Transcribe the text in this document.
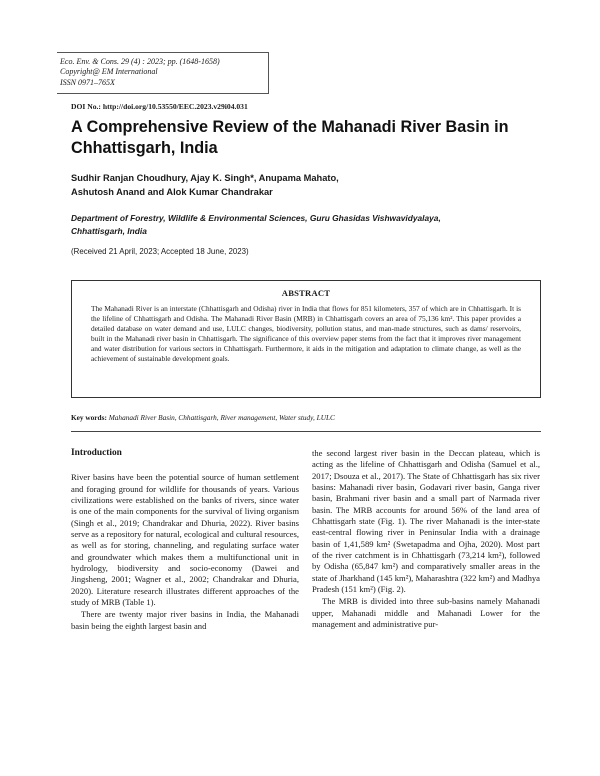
Eco. Env. & Cons. 29 (4) : 2023; pp. (1648-1658)
Copyright@ EM International
ISSN 0971–765X
DOI No.: http://doi.org/10.53550/EEC.2023.v29i04.031
A Comprehensive Review of the Mahanadi River Basin in Chhattisgarh, India
Sudhir Ranjan Choudhury, Ajay K. Singh*, Anupama Mahato,
Ashutosh Anand and Alok Kumar Chandrakar
Department of Forestry, Wildlife & Environmental Sciences, Guru Ghasidas Vishwavidyalaya,
Chhattisgarh, India
(Received 21 April, 2023; Accepted 18 June, 2023)
ABSTRACT
The Mahanadi River is an interstate (Chhattisgarh and Odisha) river in India that flows for 851 kilometers, 357 of which are in Chhattisgarh. It is the lifeline of Chhattisgarh and Odisha. The Mahanadi River Basin (MRB) in Chhattisgarh covers an area of 75,136 km². This paper provides a detailed database on water demand and use, LULC changes, biodiversity, pollution status, and man-made structures, such as dams/ reservoirs, built in the Mahanadi river basin in Chhattisgarh. The significance of this overview paper stems from the fact that it improves river management and water distribution for various sectors in Chhattisgarh. Furthermore, it aids in the mitigation and adaptation to climate change, as well as the achievement of sustainable development goals.
Key words: Mahanadi River Basin, Chhattisgarh, River management, Water study, LULC
Introduction

River basins have been the potential source of human settlement and foraging ground for wildlife for thousands of years. Various civilizations were established on the banks of rivers, since water is one of the main components for the survival of living organism (Singh et al., 2019; Chandrakar and Dhuria, 2022). River basins serve as a repository for natural, ecological and cultural resources, as well as for storing, channeling, and regulating surface water and groundwater which makes them a multifunctional unit in hydrology, biodiversity and socio-economy (Dawei and Jingsheng, 2001; Wagner et al., 2002; Chandrakar and Dhuria, 2020). Literature research illustrates different approaches of the study of MRB (Table 1).

There are twenty major river basins in India, the Mahanadi basin being the eighth largest basin and

the second largest river basin in the Deccan plateau, which is acting as the lifeline of Chhattisgarh and Odisha (Samuel et al., 2017; Dsouza et al., 2017). The State of Chhattisgarh has six river basins: Mahanadi river basin, Godavari river basin, Ganga river basin, Brahmani river basin and a small part of Narmada river basin. The MRB accounts for around 56% of the land area of Chhattisgarh state (Fig. 1). The river Mahanadi is the inter-state east-central flowing river in Peninsular India with a drainage basin of 1,41,589 km² (Swetapadma and Ojha, 2020). Most part of the river catchment is in Chhattisgarh (73,214 km²), followed by Odisha (65,847 km²) and comparatively smaller areas in the state of Jharkhand (145 km²), Maharashtra (322 km²) and Madhya Pradesh (151 km²) (Fig. 2).

The MRB is divided into three sub-basins namely Mahanadi upper, Mahanadi middle and Mahanadi Lower for the management and administrative pur-
